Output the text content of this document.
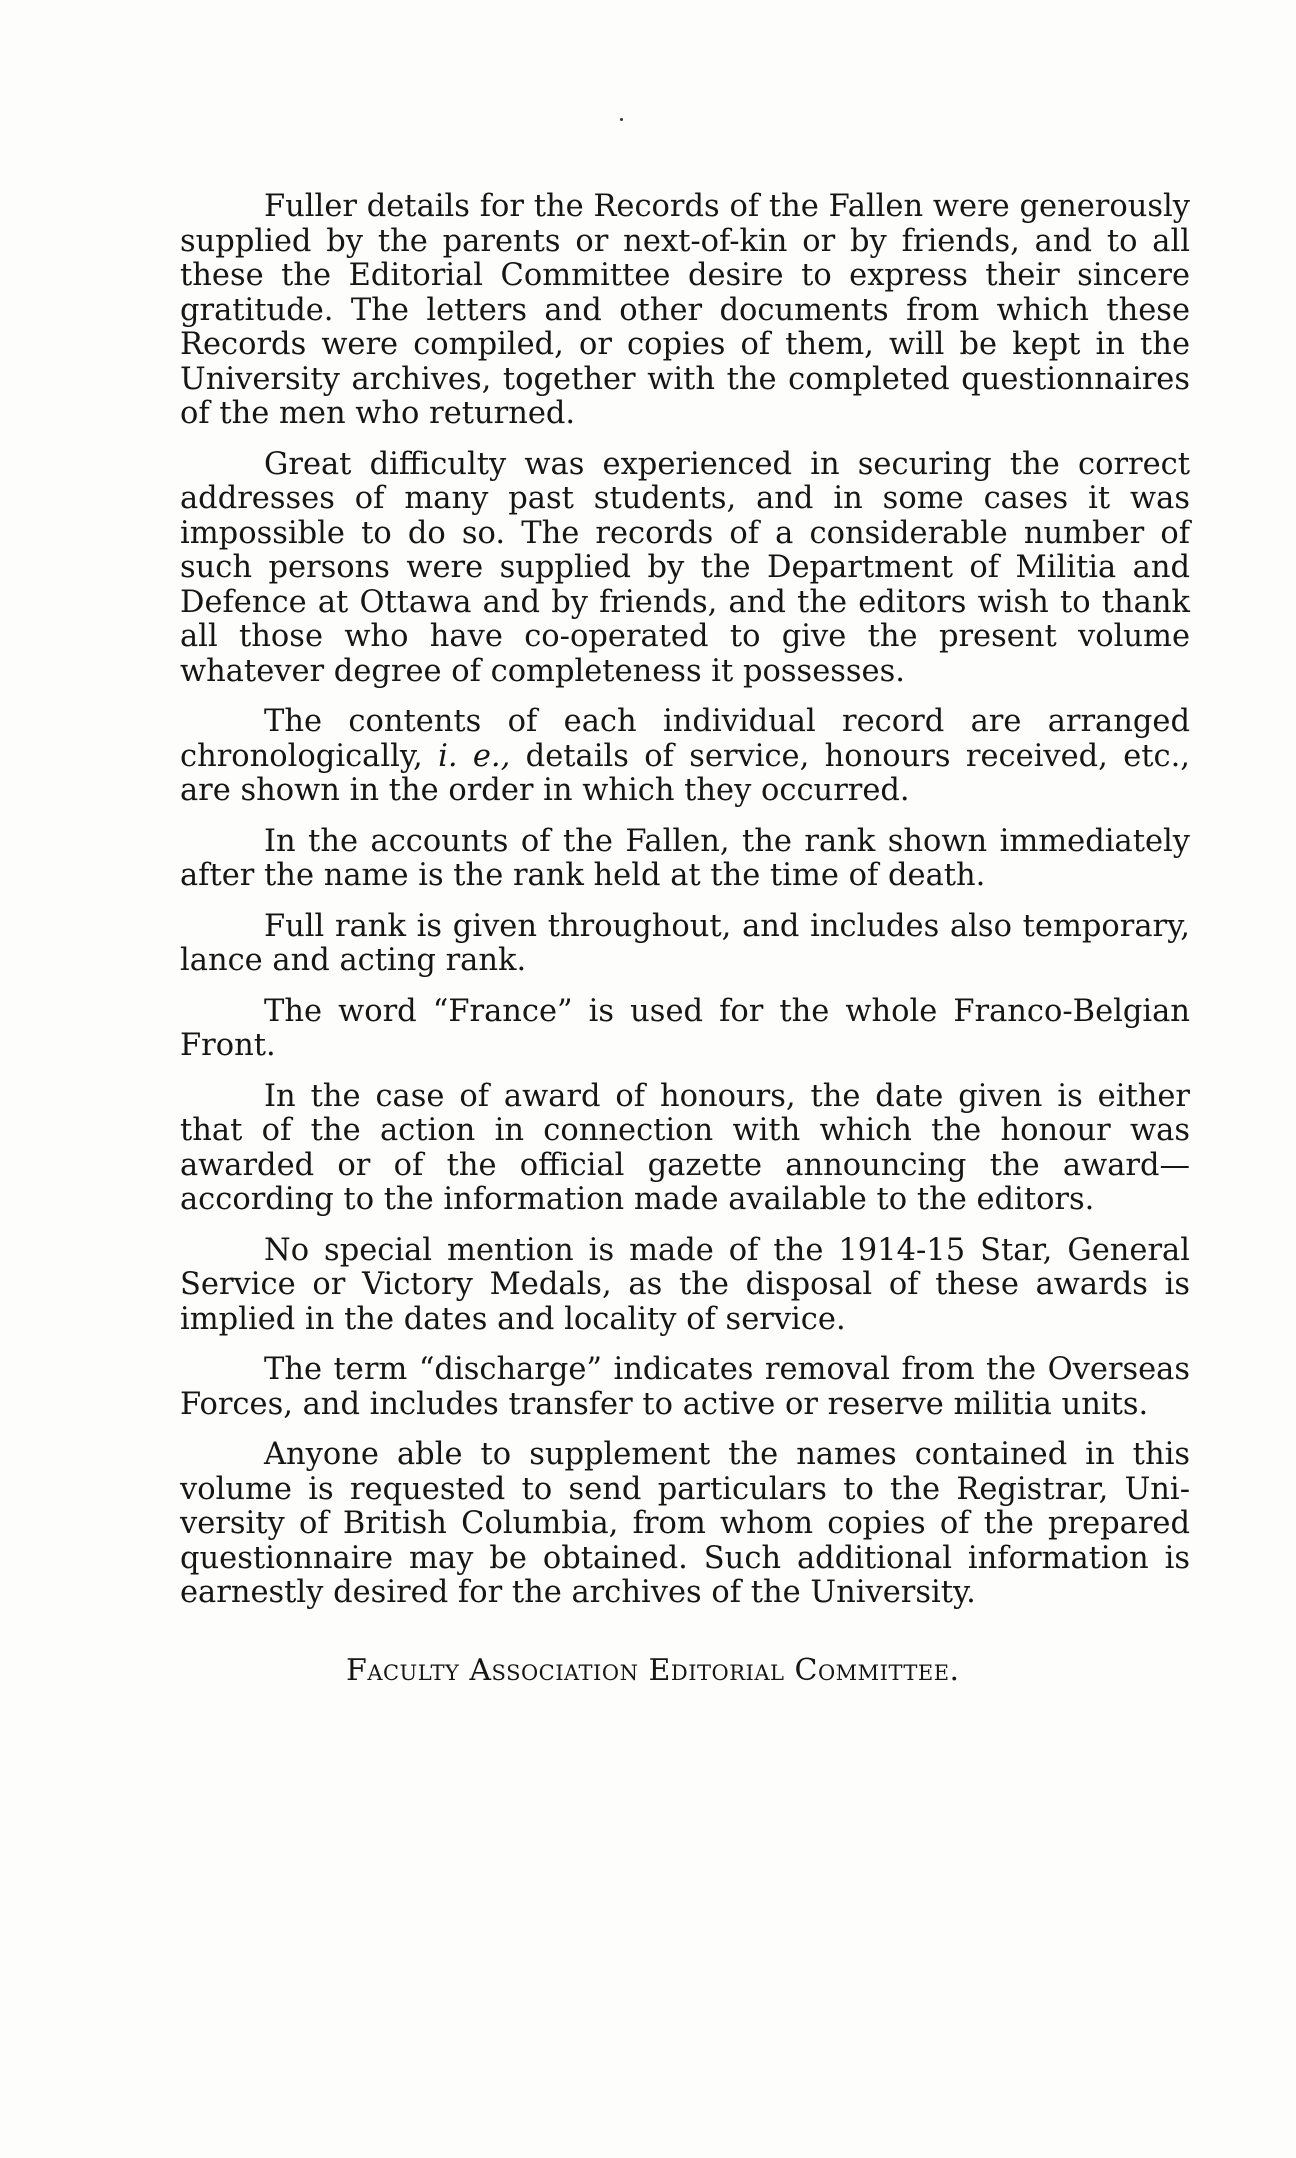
Fuller details for the Records of the Fallen were generously supplied by the parents or next-of-kin or by friends, and to all these the Editorial Committee desire to express their sincere gratitude. The letters and other documents from which these Records were compiled, or copies of them, will be kept in the University archives, together with the completed questionnaires of the men who returned.

Great difficulty was experienced in securing the correct addresses of many past students, and in some cases it was impossible to do so. The records of a considerable number of such persons were supplied by the Department of Militia and Defence at Ottawa and by friends, and the editors wish to thank all those who have co-operated to give the present volume whatever degree of completeness it possesses.

The contents of each individual record are arranged chronologically, i. e., details of service, honours received, etc., are shown in the order in which they occurred.

In the accounts of the Fallen, the rank shown immediately after the name is the rank held at the time of death.

Full rank is given throughout, and includes also temporary, lance and acting rank.

The word “France” is used for the whole Franco-Belgian Front.

In the case of award of honours, the date given is either that of the action in connection with which the honour was awarded or of the official gazette announcing the award—according to the information made available to the editors.

No special mention is made of the 1914-15 Star, General Service or Victory Medals, as the disposal of these awards is implied in the dates and locality of service.

The term “discharge” indicates removal from the Overseas Forces, and includes transfer to active or reserve militia units.

Anyone able to supplement the names contained in this volume is requested to send particulars to the Registrar, University of British Columbia, from whom copies of the prepared questionnaire may be obtained. Such additional information is earnestly desired for the archives of the University.

Faculty Association Editorial Committee.
